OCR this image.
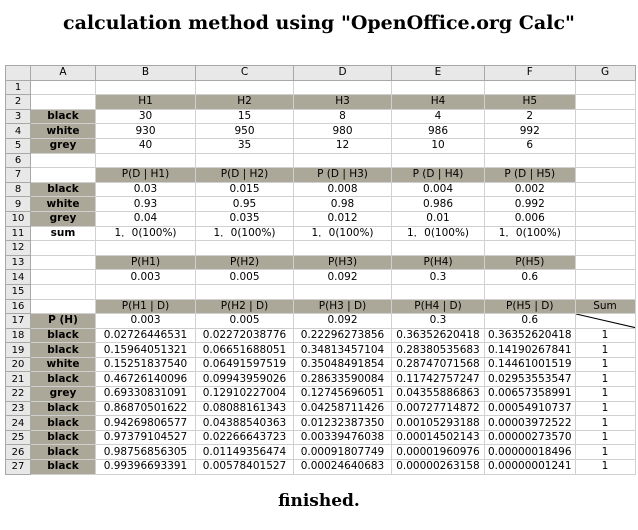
calculation method using "OpenOffice.org Calc"
	A	B	C	D	E	F	G
1							
2		H1	H2	H3	H4	H5	
3	black	30	15	8	4	2	
4	white	930	950	980	986	992	
5	grey	40	35	12	10	6	
6							
7		P(D | H1)	P(D | H2)	P (D | H3)	P (D | H4)	P (D | H5)	
8	black	0.03	0.015	0.008	0.004	0.002	
9	white	0.93	0.95	0.98	0.986	0.992	
10	grey	0.04	0.035	0.012	0.01	0.006	
11	sum	1．0(100%)	1．0(100%)	1．0(100%)	1．0(100%)	1．0(100%)	
12							
13		P(H1)	P(H2)	P(H3)	P(H4)	P(H5)	
14		0.003	0.005	0.092	0.3	0.6	
15							
16		P(H1 | D)	P(H2 | D)	P(H3 | D)	P(H4 | D)	P(H5 | D)	Sum
17	P (H)	0.003	0.005	0.092	0.3	0.6	

18	black	0.02726446531	0.02272038776	0.22296273856	0.36352620418	0.36352620418	1
19	black	0.15964051321	0.06651688051	0.34813457104	0.28380535683	0.14190267841	1
20	white	0.15251837540	0.06491597519	0.35048491854	0.28747071568	0.14461001519	1
21	black	0.46726140096	0.09943959026	0.28633590084	0.11742757247	0.02953553547	1
22	grey	0.69330831091	0.12910227004	0.12745696051	0.04355886863	0.00657358991	1
23	black	0.86870501622	0.08088161343	0.04258711426	0.00727714872	0.00054910737	1
24	black	0.94269806577	0.04388540363	0.01232387350	0.00105293188	0.00003972522	1
25	black	0.97379104527	0.02266643723	0.00339476038	0.00014502143	0.00000273570	1
26	black	0.98756856305	0.01149356474	0.00091807749	0.00001960976	0.00000018496	1
27	black	0.99396693391	0.00578401527	0.00024640683	0.00000263158	0.00000001241	1
finished.
